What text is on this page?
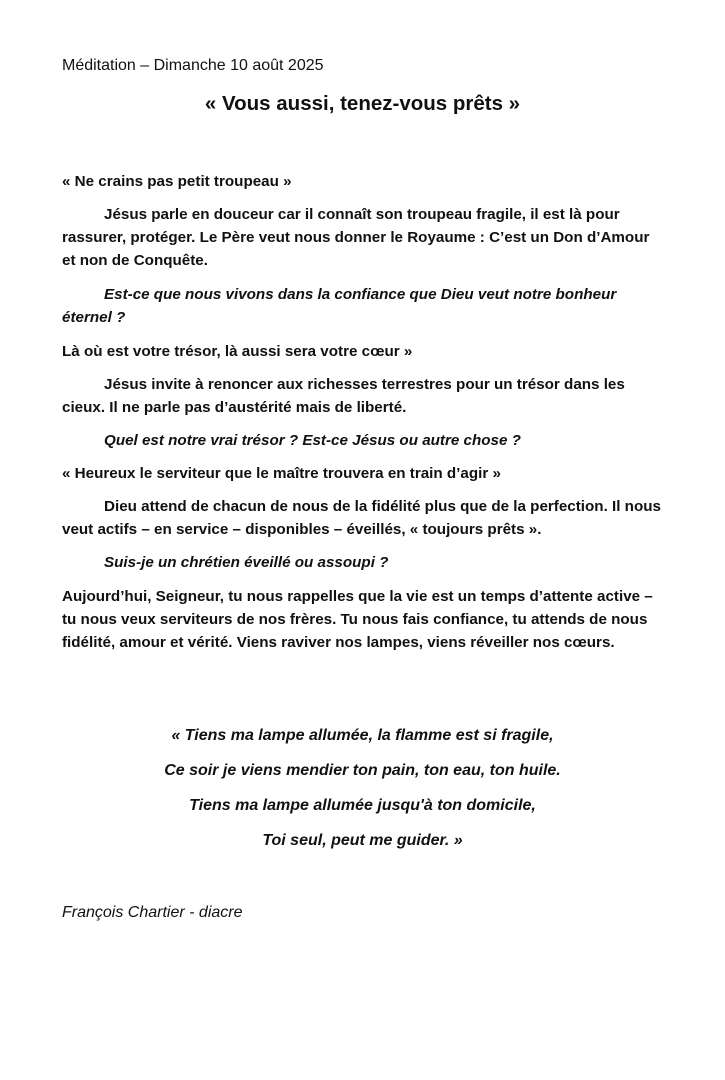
Méditation – Dimanche 10 août 2025
« Vous aussi, tenez-vous prêts »
« Ne crains pas petit troupeau »
Jésus parle en douceur car il connaît son troupeau fragile, il est là pour rassurer, protéger. Le Père veut nous donner le Royaume : C’est un Don d’Amour et non de Conquête.
Est-ce que nous vivons dans la confiance que Dieu veut notre bonheur éternel ?
Là où est votre trésor, là aussi sera votre cœur »
Jésus invite à renoncer aux richesses terrestres pour un trésor dans les cieux. Il ne parle pas d’austérité mais de liberté.
Quel est notre vrai trésor ? Est-ce Jésus ou autre chose ?
« Heureux le serviteur que le maître trouvera en train d’agir »
Dieu attend de chacun de nous de la fidélité plus que de la perfection. Il nous veut actifs – en service – disponibles – éveillés, « toujours prêts ».
Suis-je un chrétien éveillé ou assoupi ?
Aujourd’hui, Seigneur, tu nous rappelles que la vie est un temps d’attente active – tu nous veux serviteurs de nos frères. Tu nous fais confiance, tu attends de nous fidélité, amour et vérité. Viens raviver nos lampes, viens réveiller nos cœurs.
« Tiens ma lampe allumée, la flamme est si fragile,
Ce soir je viens mendier ton pain, ton eau, ton huile.
Tiens ma lampe allumée jusqu'à ton domicile,
Toi seul, peut me guider. »
François Chartier - diacre
